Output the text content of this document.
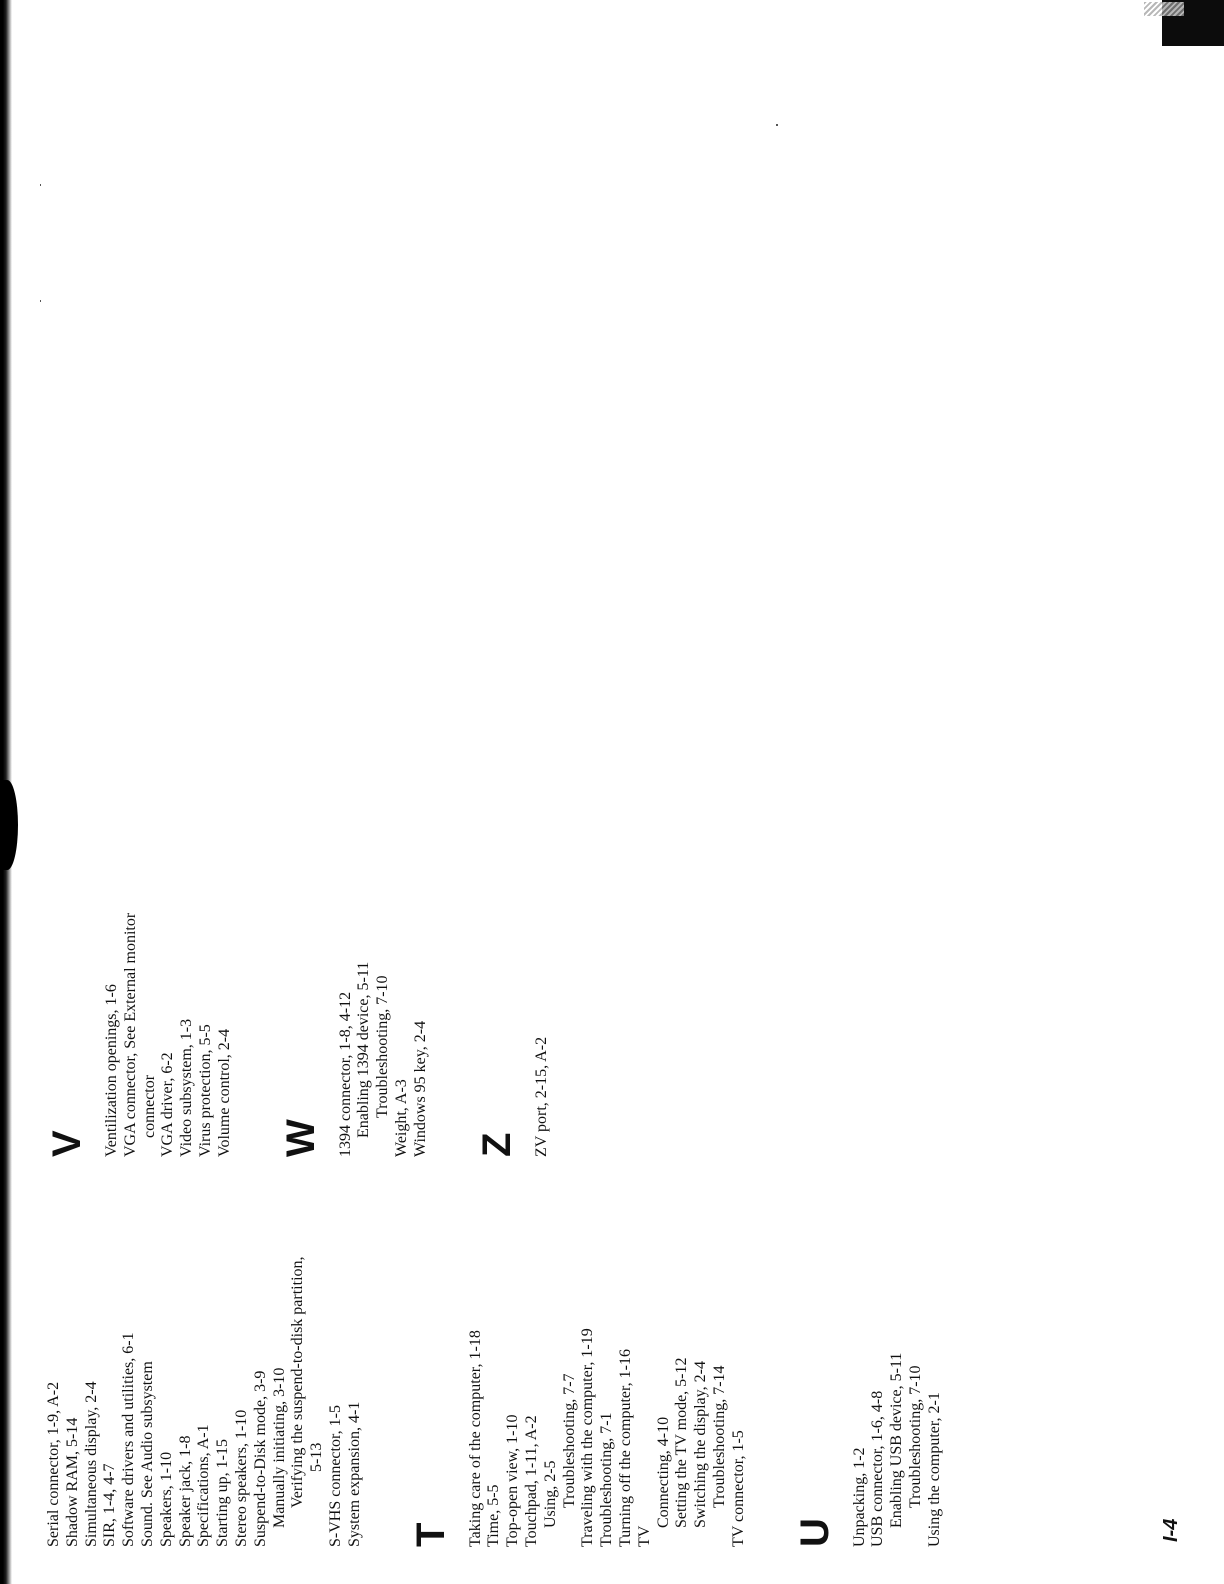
Serial connector, 1-9, A-2 Shadow RAM, 5-14 Simultaneous display, 2-4 SIR, 1-4, 4-7 Software drivers and utilities, 6-1 Sound. See Audio subsystem Speakers, 1-10 Speaker jack, 1-8 Specifications, A-1 Starting up, 1-15 Stereo speakers, 1-10 Suspend-to-Disk mode, 3-9 Manually initiating, 3-10 Verifying the suspend-to-disk partition, 5-13 S-VHS connector, 1-5 System expansion, 4-1 T Taking care of the computer, 1-18 Time, 5-5 Top-open view, 1-10 Touchpad, 1-11, A-2 Using, 2-5 Troubleshooting, 7-7 Traveling with the computer, 1-19 Troubleshooting, 7-1 Turning off the computer, 1-16 TV
Connecting, 4-10 Setting the TV mode, 5-12 Switching the display, 2-4 Troubleshooting, 7-14 TV connector, 1-5 U Unpacking, 1-2 USB connector, 1-6, 4-8 Enabling USB device, 5-11 Troubleshooting, 7-10 Using the computer, 2-1
V Ventilization openings, 1-6 VGA connector, See External monitor connector VGA driver, 6-2 Video subsystem, 1-3 Virus protection, 5-5 Volume control, 2-4 W 1394 connector, 1-8, 4-12 Enabling 1394 device, 5-11 Troubleshooting, 7-10
Weight, A-3 Windows 95 key, 2-4 Z ZV port, 2-15, A-2
I-4
